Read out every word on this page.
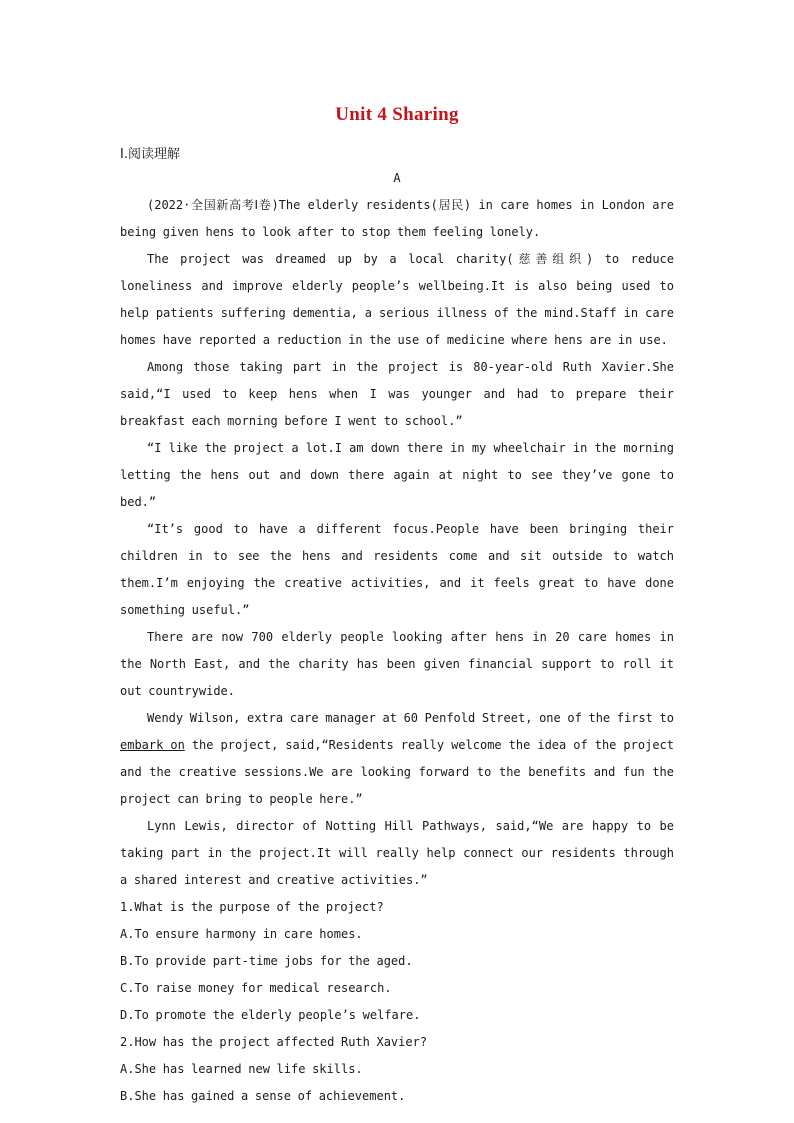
Unit 4 Sharing
Ⅰ.阅读理解
A

(2022·全国新高考Ⅰ卷)The elderly residents(居民) in care homes in London are being given hens to look after to stop them feeling lonely.

The project was dreamed up by a local charity(慈善组织) to reduce loneliness and improve elderly people’s wellbeing.It is also being used to help patients suffering dementia, a serious illness of the mind.Staff in care homes have reported a reduction in the use of medicine where hens are in use.

Among those taking part in the project is 80-year-old Ruth Xavier.She said,“I used to keep hens when I was younger and had to prepare their breakfast each morning before I went to school.”

“I like the project a lot.I am down there in my wheelchair in the morning letting the hens out and down there again at night to see they’ve gone to bed.”

“It’s good to have a different focus.People have been bringing their children in to see the hens and residents come and sit outside to watch them.I’m enjoying the creative activities, and it feels great to have done something useful.”

There are now 700 elderly people looking after hens in 20 care homes in the North East, and the charity has been given financial support to roll it out countrywide.

Wendy Wilson, extra care manager at 60 Penfold Street, one of the first to embark on the project, said,“Residents really welcome the idea of the project and the creative sessions.We are looking forward to the benefits and fun the project can bring to people here.”

Lynn Lewis, director of Notting Hill Pathways, said,“We are happy to be taking part in the project.It will really help connect our residents through a shared interest and creative activities.”

1.What is the purpose of the project?

A.To ensure harmony in care homes.

B.To provide part-time jobs for the aged.

C.To raise money for medical research.

D.To promote the elderly people’s welfare.

2.How has the project affected Ruth Xavier?

A.She has learned new life skills.

B.She has gained a sense of achievement.
